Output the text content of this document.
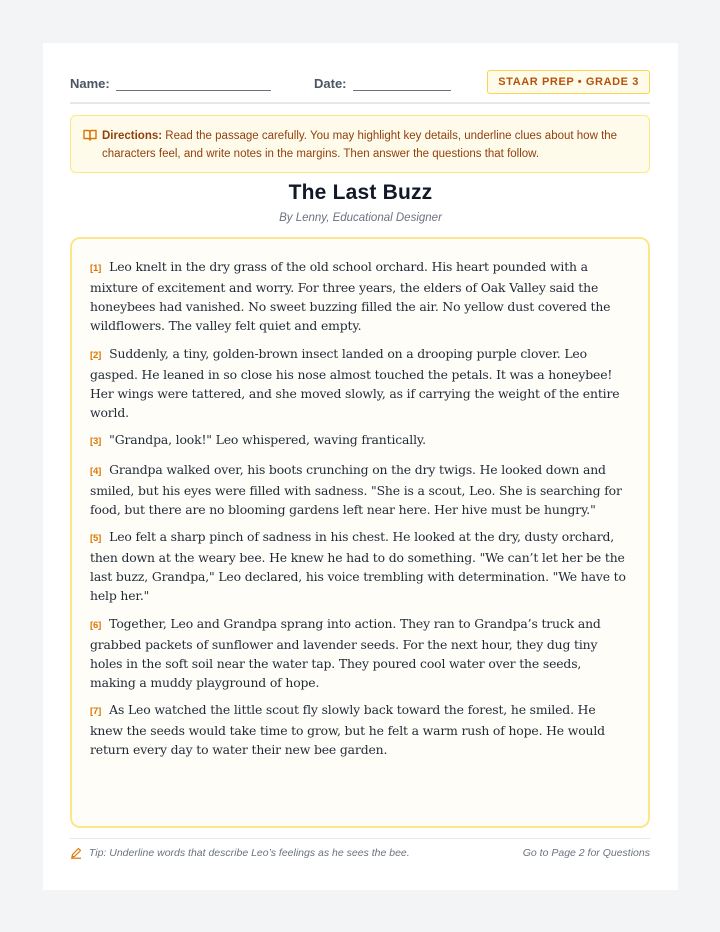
Name:	Date:	STAAR PREP • GRADE 3
Directions: Read the passage carefully. You may highlight key details, underline clues about how the characters feel, and write notes in the margins. Then answer the questions that follow.
The Last Buzz
By Lenny, Educational Designer

[1] Leo knelt in the dry grass of the old school orchard. His heart pounded with a mixture of excitement and worry. For three years, the elders of Oak Valley said the honeybees had vanished. No sweet buzzing filled the air. No yellow dust covered the wildflowers. The valley felt quiet and empty.

[2] Suddenly, a tiny, golden-brown insect landed on a drooping purple clover. Leo gasped. He leaned in so close his nose almost touched the petals. It was a honeybee! Her wings were tattered, and she moved slowly, as if carrying the weight of the entire world.

[3] "Grandpa, look!" Leo whispered, waving frantically.

[4] Grandpa walked over, his boots crunching on the dry twigs. He looked down and smiled, but his eyes were filled with sadness. "She is a scout, Leo. She is searching for food, but there are no blooming gardens left near here. Her hive must be hungry."

[5] Leo felt a sharp pinch of sadness in his chest. He looked at the dry, dusty orchard, then down at the weary bee. He knew he had to do something. "We can’t let her be the last buzz, Grandpa," Leo declared, his voice trembling with determination. "We have to help her."

[6] Together, Leo and Grandpa sprang into action. They ran to Grandpa’s truck and grabbed packets of sunflower and lavender seeds. For the next hour, they dug tiny holes in the soft soil near the water tap. They poured cool water over the seeds, making a muddy playground of hope.

[7] As Leo watched the little scout fly slowly back toward the forest, he smiled. He knew the seeds would take time to grow, but he felt a warm rush of hope. He would return every day to water their new bee garden.

Tip: Underline words that describe Leo’s feelings as he sees the bee.	Go to Page 2 for Questions
